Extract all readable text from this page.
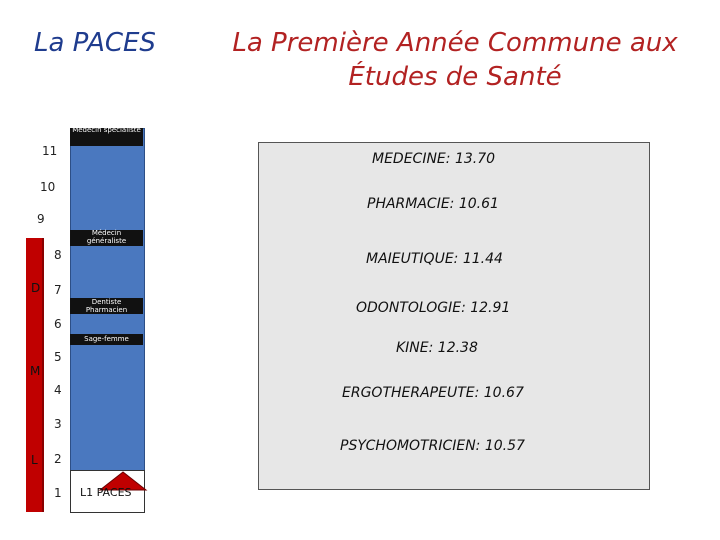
La PACES	La Première Année Commune aux
Études de Santé
D
M
L
11
10
9
8
7
6
5
4
3
2
1
Médecin spécialiste
Médecin généraliste
Dentiste Pharmacien
Sage-femme
L1 PACES
MEDECINE: 13.70
PHARMACIE: 10.61
MAIEUTIQUE: 11.44
ODONTOLOGIE: 12.91
KINE: 12.38
ERGOTHERAPEUTE: 10.67
PSYCHOMOTRICIEN: 10.57
